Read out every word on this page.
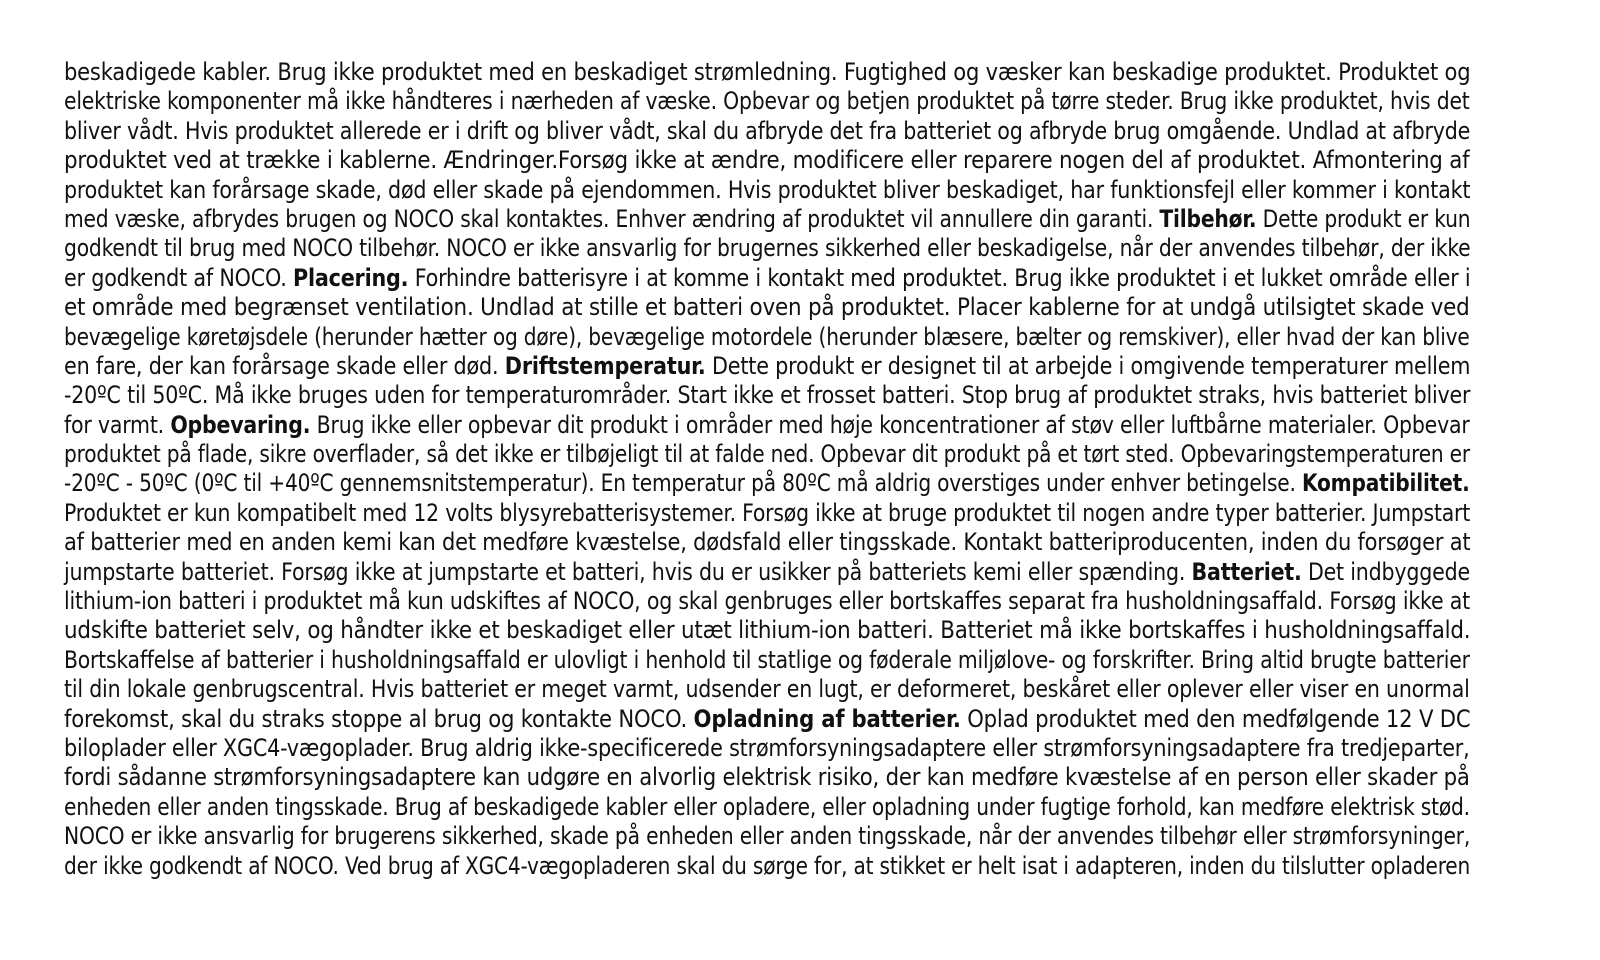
beskadigede kabler. Brug ikke produktet med en beskadiget strømledning. Fugtighed og væsker kan beskadige produktet. Produktet og
elektriske komponenter må ikke håndteres i nærheden af væske. Opbevar og betjen produktet på tørre steder. Brug ikke produktet, hvis det
bliver vådt. Hvis produktet allerede er i drift og bliver vådt, skal du afbryde det fra batteriet og afbryde brug omgående. Undlad at afbryde
produktet ved at trække i kablerne. Ændringer.Forsøg ikke at ændre, modificere eller reparere nogen del af produktet. Afmontering af
produktet kan forårsage skade, død eller skade på ejendommen. Hvis produktet bliver beskadiget, har funktionsfejl eller kommer i kontakt
med væske, afbrydes brugen og NOCO skal kontaktes. Enhver ændring af produktet vil annullere din garanti. Tilbehør. Dette produkt er kun
godkendt til brug med NOCO tilbehør. NOCO er ikke ansvarlig for brugernes sikkerhed eller beskadigelse, når der anvendes tilbehør, der ikke
er godkendt af NOCO. Placering. Forhindre batterisyre i at komme i kontakt med produktet. Brug ikke produktet i et lukket område eller i
et område med begrænset ventilation. Undlad at stille et batteri oven på produktet. Placer kablerne for at undgå utilsigtet skade ved
bevægelige køretøjsdele (herunder hætter og døre), bevægelige motordele (herunder blæsere, bælter og remskiver), eller hvad der kan blive
en fare, der kan forårsage skade eller død. Driftstemperatur. Dette produkt er designet til at arbejde i omgivende temperaturer mellem
-20ºC til 50ºC. Må ikke bruges uden for temperaturområder. Start ikke et frosset batteri. Stop brug af produktet straks, hvis batteriet bliver
for varmt. Opbevaring. Brug ikke eller opbevar dit produkt i områder med høje koncentrationer af støv eller luftbårne materialer. Opbevar
produktet på flade, sikre overflader, så det ikke er tilbøjeligt til at falde ned. Opbevar dit produkt på et tørt sted. Opbevaringstemperaturen er
-20ºC - 50ºC (0ºC til +40ºC gennemsnitstemperatur). En temperatur på 80ºC må aldrig overstiges under enhver betingelse. Kompatibilitet.
Produktet er kun kompatibelt med 12 volts blysyrebatterisystemer. Forsøg ikke at bruge produktet til nogen andre typer batterier. Jumpstart
af batterier med en anden kemi kan det medføre kvæstelse, dødsfald eller tingsskade. Kontakt batteriproducenten, inden du forsøger at
jumpstarte batteriet. Forsøg ikke at jumpstarte et batteri, hvis du er usikker på batteriets kemi eller spænding. Batteriet. Det indbyggede
lithium-ion batteri i produktet må kun udskiftes af NOCO, og skal genbruges eller bortskaffes separat fra husholdningsaffald. Forsøg ikke at
udskifte batteriet selv, og håndter ikke et beskadiget eller utæt lithium-ion batteri. Batteriet må ikke bortskaffes i husholdningsaffald.
Bortskaffelse af batterier i husholdningsaffald er ulovligt i henhold til statlige og føderale miljølove- og forskrifter. Bring altid brugte batterier
til din lokale genbrugscentral. Hvis batteriet er meget varmt, udsender en lugt, er deformeret, beskåret eller oplever eller viser en unormal
forekomst, skal du straks stoppe al brug og kontakte NOCO. Opladning af batterier. Oplad produktet med den medfølgende 12 V DC
biloplader eller XGC4-vægoplader. Brug aldrig ikke-specificerede strømforsyningsadaptere eller strømforsyningsadaptere fra tredjeparter,
fordi sådanne strømforsyningsadaptere kan udgøre en alvorlig elektrisk risiko, der kan medføre kvæstelse af en person eller skader på
enheden eller anden tingsskade. Brug af beskadigede kabler eller opladere, eller opladning under fugtige forhold, kan medføre elektrisk stød.
NOCO er ikke ansvarlig for brugerens sikkerhed, skade på enheden eller anden tingsskade, når der anvendes tilbehør eller strømforsyninger,
der ikke godkendt af NOCO. Ved brug af XGC4-vægopladeren skal du sørge for, at stikket er helt isat i adapteren, inden du tilslutter opladeren
